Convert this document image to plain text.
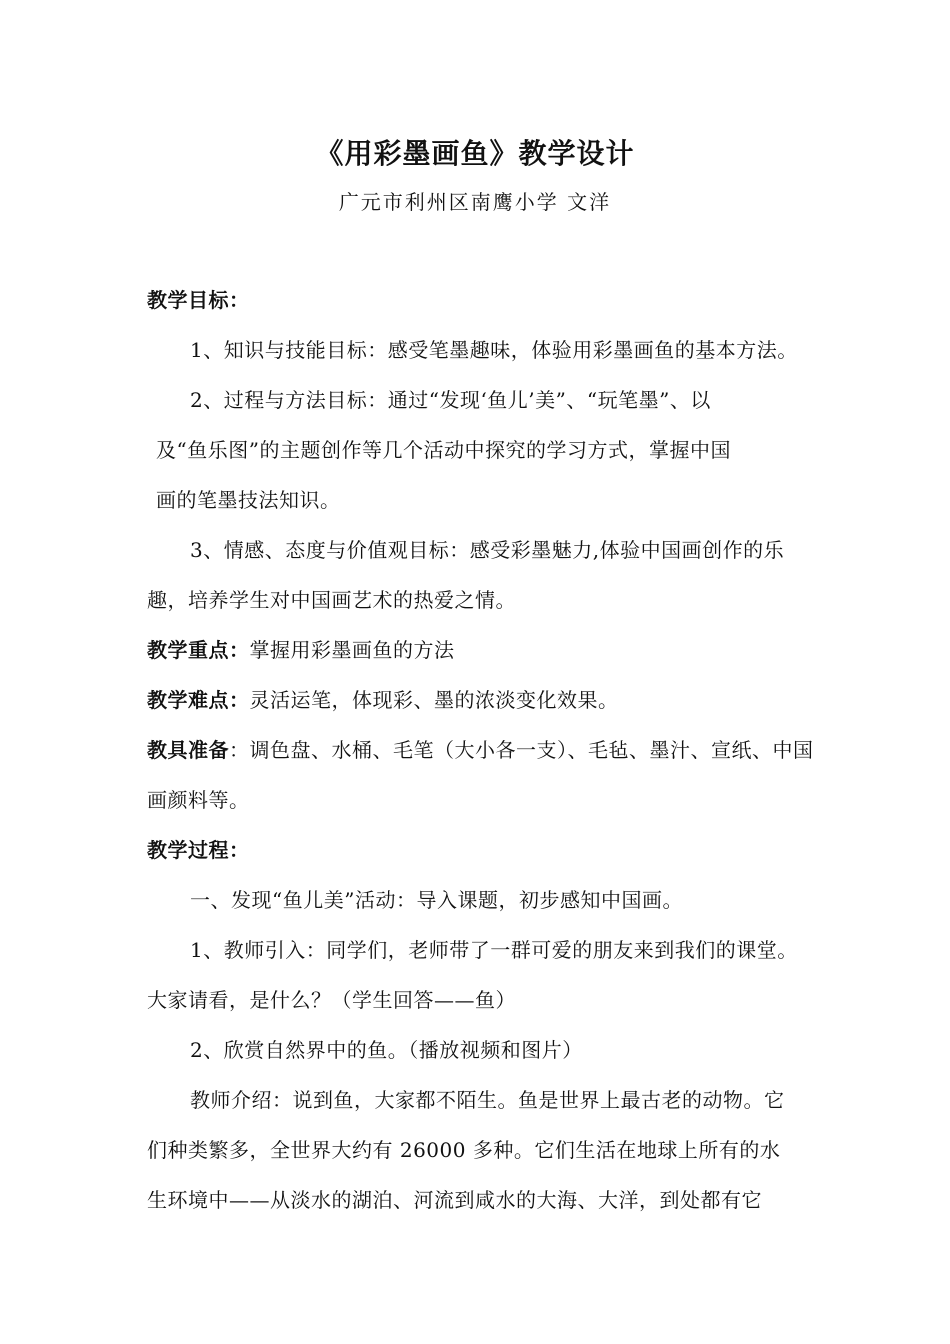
《用彩墨画鱼》教学设计
广元市利州区南鹰小学 文洋
教学目标：
1、知识与技能目标：感受笔墨趣味，体验用彩墨画鱼的基本方法。
2、过程与方法目标：通过“发现‘鱼儿’美”、“玩笔墨”、以
及“鱼乐图”的主题创作等几个活动中探究的学习方式，掌握中国
画的笔墨技法知识。
3、情感、态度与价值观目标：感受彩墨魅力,体验中国画创作的乐
趣，培养学生对中国画艺术的热爱之情。
教学重点：掌握用彩墨画鱼的方法
教学难点：灵活运笔，体现彩、墨的浓淡变化效果。
教具准备：调色盘、水桶、毛笔（大小各一支）、毛毡、墨汁、宣纸、中国
画颜料等。
教学过程：
一、发现“鱼儿美”活动：导入课题，初步感知中国画。
1、教师引入：同学们，老师带了一群可爱的朋友来到我们的课堂。
大家请看，是什么？（学生回答——鱼）
2、欣赏自然界中的鱼。（播放视频和图片）
教师介绍：说到鱼，大家都不陌生。鱼是世界上最古老的动物。它
们种类繁多，全世界大约有 26000 多种。它们生活在地球上所有的水
生环境中——从淡水的湖泊、河流到咸水的大海、大洋，到处都有它
